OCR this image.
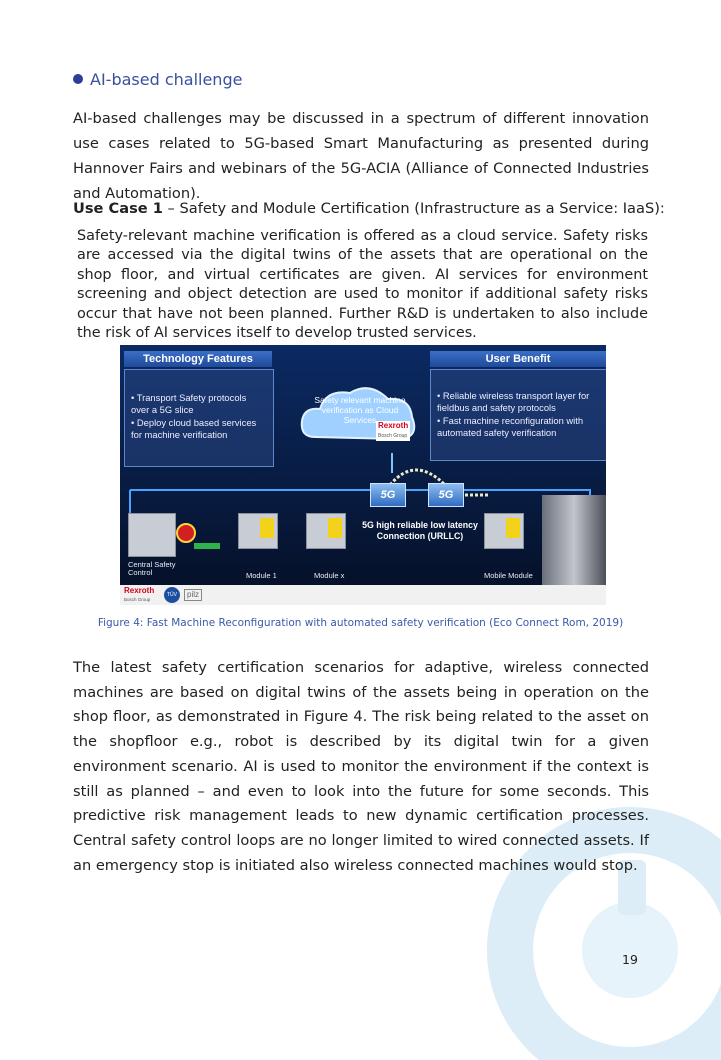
AI-based challenge

AI-based challenges may be discussed in a spectrum of different innovation use cases related to 5G-based Smart Manufacturing as presented during Hannover Fairs and webinars of the 5G-ACIA (Alliance of Connected Industries and Automation).

Use Case 1 – Safety and Module Certification (Infrastructure as a Service: IaaS):

Safety-relevant machine verification is offered as a cloud service. Safety risks are accessed via the digital twins of the assets that are operational on the shop floor, and virtual certificates are given. AI services for environment screening and object detection are used to monitor if additional safety risks occur that have not been planned. Further R&D is undertaken to also include the risk of AI services itself to develop trusted services.

Technology Features
• Transport Safety protocols over a 5G slice
• Deploy cloud based services for machine verification
Safety relevant machine verification as Cloud Services
Rexroth
Bosch Group
User Benefit
• Reliable wireless transport layer for fieldbus and safety protocols
• Fast machine reconfiguration with automated safety verification
5G	5G
5G high reliable low latency Connection (URLLC)
Central Safety Control	Module 1	Module x	Mobile Module
Rexroth
Bosch Group
TÜV	pilz
Figure 4: Fast Machine Reconfiguration with automated safety verification (Eco Connect Rom, 2019)

The latest safety certification scenarios for adaptive, wireless connected machines are based on digital twins of the assets being in operation on the shop floor, as demonstrated in Figure 4. The risk being related to the asset on the shopfloor e.g., robot is described by its digital twin for a given environment scenario. AI is used to monitor the environment if the context is still as planned – and even to look into the future for some seconds. This predictive risk management leads to new dynamic certification processes. Central safety control loops are no longer limited to wired connected assets. If an emergency stop is initiated also wireless connected machines would stop.

19
